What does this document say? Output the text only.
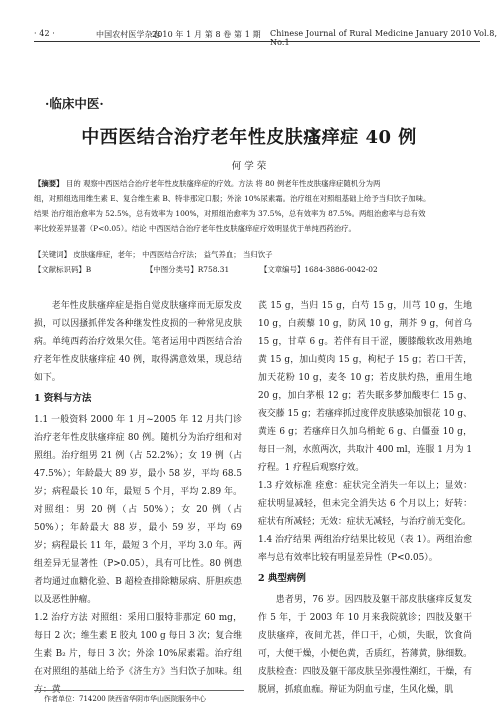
· 42 ·	中国农村医学杂志
2010 年 1 月 第 8 卷 第 1 期 Chinese Journal of Rural Medicine January 2010 Vol.8, No.1
·临床中医·
中西医结合治疗老年性皮肤瘙痒症 40 例
何 学 荣

【摘要】 目的 观察中西医结合治疗老年性皮肤瘙痒症的疗效。方法 将 80 例老年性皮肤瘙痒症随机分为两

组，对照组选用维生素 E、复合维生素 B、特非那定口服；外涂 10%尿素霜。治疗组在对照组基础上给予当归饮子加味。

结果 治疗组治愈率为 52.5%，总有效率为 100%，对照组治愈率为 37.5%，总有效率为 87.5%。两组治愈率与总有效

率比较差异显著（P<0.05）。结论 中西医结合治疗老年性皮肤瘙痒症疗效明显优于单纯西药治疗。

【关键词】 皮肤瘙痒症，老年； 中西医结合疗法； 益气养血； 当归饮子
【文献标识码】B	【中图分类号】R758.31	【文章编号】1684-3886-0042-02

老年性皮肤瘙痒症是指自觉皮肤瘙痒而无原发皮损，可以因搔抓伴发各种继发性皮损的一种常见皮肤病。单纯西药治疗效果欠佳。笔者运用中西医结合治疗老年性皮肤瘙痒症 40 例，取得满意效果，现总结如下。

1 资料与方法

1.1 一般资料 2000 年 1 月~2005 年 12 月共门诊治疗老年性皮肤瘙痒症 80 例。随机分为治疗组和对照组。治疗组男 21 例（占 52.2%）；女 19 例（占 47.5%）；年龄最大 89 岁，最小 58 岁，平均 68.5 岁；病程最长 10 年，最短 5 个月，平均 2.89 年。对照组：男 20 例（占 50%）；女 20 例（占 50%）；年龄最大 88 岁，最小 59 岁，平均 69 岁；病程最长 11 年，最短 3 个月，平均 3.0 年。两组差异无显著性（P>0.05），具有可比性。80 例患者均通过血糖化验、B 超检查排除糖尿病、肝胆疾患以及恶性肿瘤。

1.2 治疗方法 对照组：采用口服特非那定 60 mg，每日 2 次；维生素 E 胶丸 100 g 每日 3 次；复合维生素 B₂ 片，每日 3 次；外涂 10%尿素霜。治疗组在对照组的基础上给予《济生方》当归饮子加味。组方：黄

芪 15 g，当归 15 g，白芍 15 g，川芎 10 g，生地 10 g，白蒺藜 10 g，防风 10 g，荆芥 9 g，何首乌 15 g，甘草 6 g。若伴有目干涩，腰膝酸软改用熟地黄 15 g，加山萸肉 15 g，枸杞子 15 g；若口干苦，加天花粉 10 g，麦冬 10 g；若皮肤灼热，重用生地 20 g，加白茅根 12 g；若失眠多梦加酸枣仁 15 g、夜交藤 15 g；若瘙痒抓过度伴皮肤感染加银花 10 g、黄连 6 g；若瘙痒日久加乌梢蛇 6 g、白僵蚕 10 g，每日一剂，水煎两次，共取汁 400 ml，连服 1 月为 1 疗程。1 疗程后观察疗效。

1.3 疗效标准 痊愈：症状完全消失一年以上；显效：症状明显减轻，但未完全消失达 6 个月以上；好转：症状有所减轻；无效：症状无减轻，与治疗前无变化。

1.4 治疗结果 两组治疗结果比较见（表 1）。两组治愈率与总有效率比较有明显差异性（P<0.05）。

2 典型病例

患者男，76 岁。因四肢及躯干部皮肤瘙痒反复发作 5 年，于 2003 年 10 月来我院就诊；四肢及躯干皮肤瘙痒，夜间尤甚，伴口干，心烦，失眠，饮食尚可，大便干燥，小便色黄，舌质红，苔薄黄，脉细数。皮肤检查：四肢及躯干部皮肤呈弥漫性潮红，干燥，有脱屑，抓痕血痂。辩证为阴血亏虚，生风化燥，肌

作者单位：714200 陕西省华阴市华山医院服务中心
